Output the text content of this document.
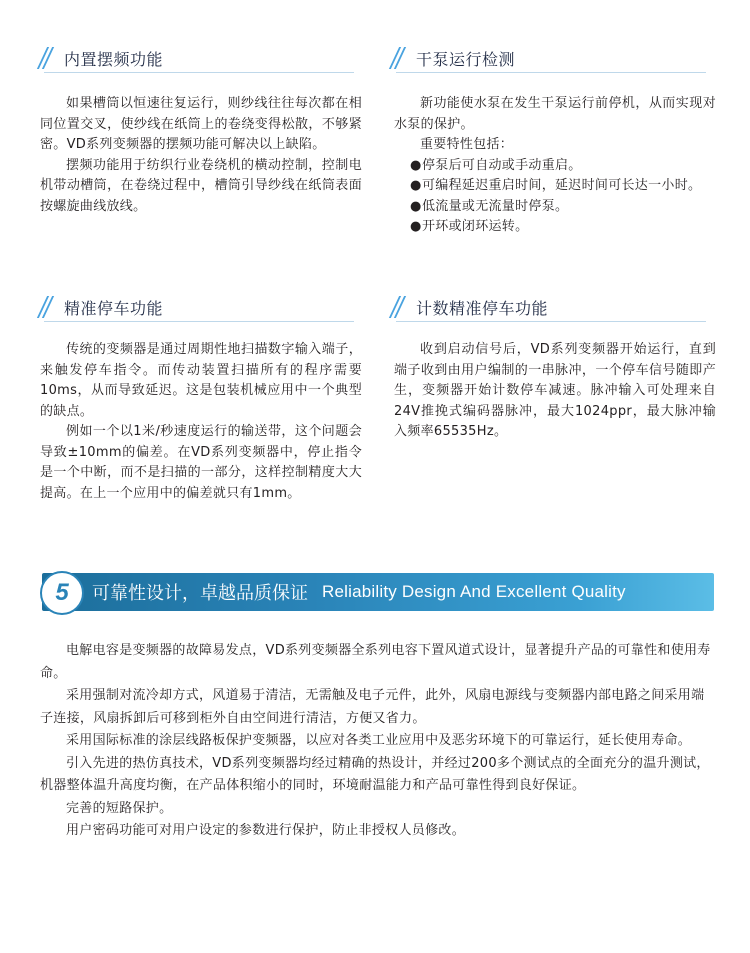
内置摆频功能

如果槽筒以恒速往复运行，则纱线往往每次都在相同位置交叉，使纱线在纸筒上的卷绕变得松散，不够紧密。VD系列变频器的摆频功能可解决以上缺陷。

摆频功能用于纺织行业卷绕机的横动控制，控制电机带动槽筒，在卷绕过程中，槽筒引导纱线在纸筒表面按螺旋曲线放线。

干泵运行检测

新功能使水泵在发生干泵运行前停机，从而实现对水泵的保护。

重要特性包括：

● 停泵后可自动或手动重启。

● 可编程延迟重启时间，延迟时间可长达一小时。

● 低流量或无流量时停泵。

● 开环或闭环运转。

精准停车功能

传统的变频器是通过周期性地扫描数字输入端子，来触发停车指令。而传动装置扫描所有的程序需要10ms，从而导致延迟。这是包装机械应用中一个典型的缺点。

例如一个以1米/秒速度运行的输送带，这个问题会导致±10mm的偏差。在VD系列变频器中，停止指令是一个中断，而不是扫描的一部分，这样控制精度大大提高。在上一个应用中的偏差就只有1mm。

计数精准停车功能

收到启动信号后，VD系列变频器开始运行，直到端子收到由用户编制的一串脉冲，一个停车信号随即产生，变频器开始计数停车减速。脉冲输入可处理来自24V推挽式编码器脉冲，最大1024ppr，最大脉冲输入频率65535Hz。

5 可靠性设计，卓越品质保证 Reliability Design And Excellent Quality

电解电容是变频器的故障易发点，VD系列变频器全系列电容下置风道式设计，显著提升产品的可靠性和使用寿命。

采用强制对流冷却方式，风道易于清洁，无需触及电子元件，此外，风扇电源线与变频器内部电路之间采用端子连接，风扇拆卸后可移到柜外自由空间进行清洁，方便又省力。

采用国际标准的涂层线路板保护变频器，以应对各类工业应用中及恶劣环境下的可靠运行，延长使用寿命。

引入先进的热仿真技术，VD系列变频器均经过精确的热设计，并经过200多个测试点的全面充分的温升测试，机器整体温升高度均衡，在产品体积缩小的同时，环境耐温能力和产品可靠性得到良好保证。

完善的短路保护。

用户密码功能可对用户设定的参数进行保护，防止非授权人员修改。
